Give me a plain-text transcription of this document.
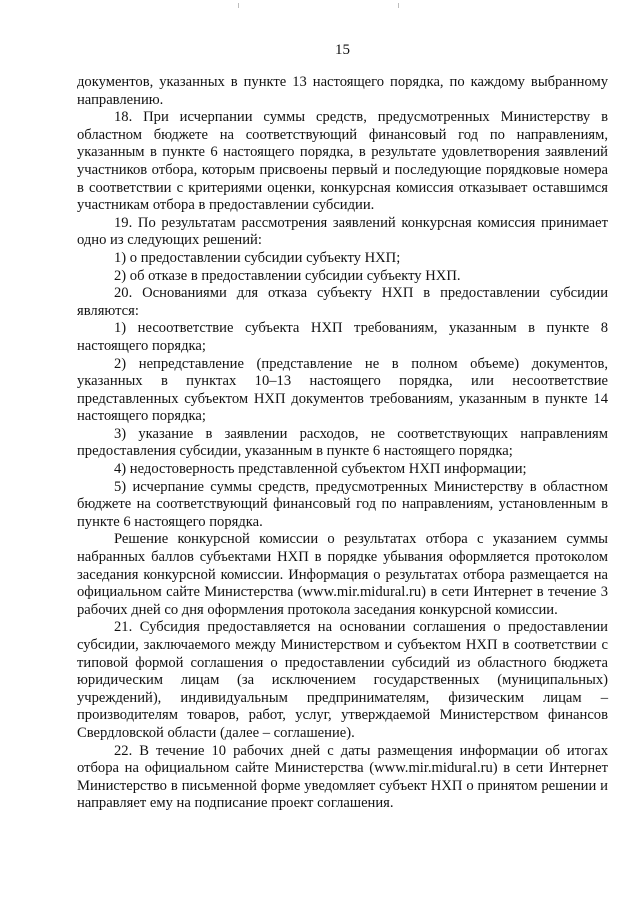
15

документов, указанных в пункте 13 настоящего порядка, по каждому выбранному направлению.

18. При исчерпании суммы средств, предусмотренных Министерству в областном бюджете на соответствующий финансовый год по направлениям, указанным в пункте 6 настоящего порядка, в результате удовлетворения заявлений участников отбора, которым присвоены первый и последующие порядковые номера в соответствии с критериями оценки, конкурсная комиссия отказывает оставшимся участникам отбора в предоставлении субсидии.

19. По результатам рассмотрения заявлений конкурсная комиссия принимает одно из следующих решений:

1) о предоставлении субсидии субъекту НХП;

2) об отказе в предоставлении субсидии субъекту НХП.

20. Основаниями для отказа субъекту НХП в предоставлении субсидии являются:

1) несоответствие субъекта НХП требованиям, указанным в пункте 8 настоящего порядка;

2) непредставление (представление не в полном объеме) документов, указанных в пунктах 10–13 настоящего порядка, или несоответствие представленных субъектом НХП документов требованиям, указанным в пункте 14 настоящего порядка;

3) указание в заявлении расходов, не соответствующих направлениям предоставления субсидии, указанным в пункте 6 настоящего порядка;

4) недостоверность представленной субъектом НХП информации;

5) исчерпание суммы средств, предусмотренных Министерству в областном бюджете на соответствующий финансовый год по направлениям, установленным в пункте 6 настоящего порядка.

Решение конкурсной комиссии о результатах отбора с указанием суммы набранных баллов субъектами НХП в порядке убывания оформляется протоколом заседания конкурсной комиссии. Информация о результатах отбора размещается на официальном сайте Министерства (www.mir.midural.ru) в сети Интернет в течение 3 рабочих дней со дня оформления протокола заседания конкурсной комиссии.

21. Субсидия предоставляется на основании соглашения о предоставлении субсидии, заключаемого между Министерством и субъектом НХП в соответствии с типовой формой соглашения о предоставлении субсидий из областного бюджета юридическим лицам (за исключением государственных (муниципальных) учреждений), индивидуальным предпринимателям, физическим лицам – производителям товаров, работ, услуг, утверждаемой Министерством финансов Свердловской области (далее – соглашение).

22. В течение 10 рабочих дней с даты размещения информации об итогах отбора на официальном сайте Министерства (www.mir.midural.ru) в сети Интернет Министерство в письменной форме уведомляет субъект НХП о принятом решении и направляет ему на подписание проект соглашения.
